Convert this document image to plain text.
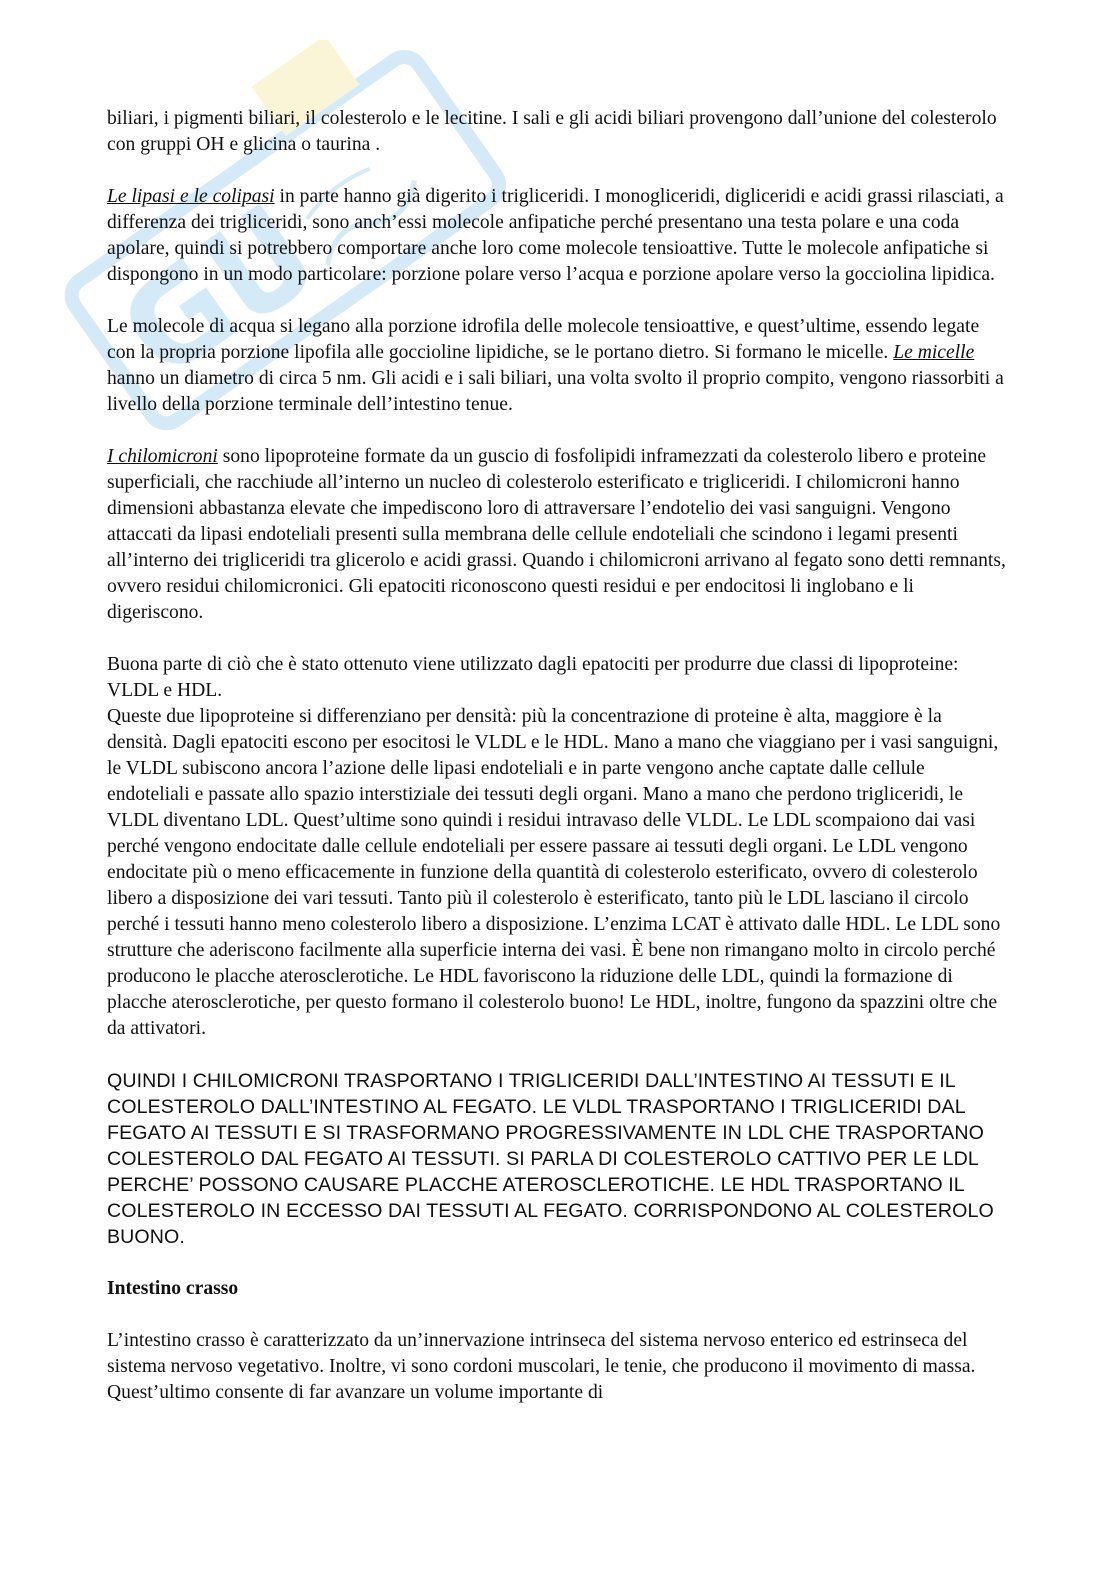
biliari, i pigmenti biliari, il colesterolo e le lecitine. I sali e gli acidi biliari provengono dall’unione del colesterolo con gruppi OH e glicina o taurina .

Le lipasi e le colipasi in parte hanno già digerito i trigliceridi. I monogliceridi, digliceridi e acidi grassi rilasciati, a differenza dei trigliceridi, sono anch’essi molecole anfipatiche perché presentano una testa polare e una coda apolare, quindi si potrebbero comportare anche loro come molecole tensioattive. Tutte le molecole anfipatiche si dispongono in un modo particolare: porzione polare verso l’acqua e porzione apolare verso la gocciolina lipidica.

Le molecole di acqua si legano alla porzione idrofila delle molecole tensioattive, e quest’ultime, essendo legate con la propria porzione lipofila alle goccioline lipidiche, se le portano dietro. Si formano le micelle. Le micelle hanno un diametro di circa 5 nm. Gli acidi e i sali biliari, una volta svolto il proprio compito, vengono riassorbiti a livello della porzione terminale dell’intestino tenue.

I chilomicroni sono lipoproteine formate da un guscio di fosfolipidi inframezzati da colesterolo libero e proteine superficiali, che racchiude all’interno un nucleo di colesterolo esterificato e trigliceridi. I chilomicroni hanno dimensioni abbastanza elevate che impediscono loro di attraversare l’endotelio dei vasi sanguigni. Vengono attaccati da lipasi endoteliali presenti sulla membrana delle cellule endoteliali che scindono i legami presenti all’interno dei trigliceridi tra glicerolo e acidi grassi. Quando i chilomicroni arrivano al fegato sono detti remnants, ovvero residui chilomicronici. Gli epatociti riconoscono questi residui e per endocitosi li inglobano e li digeriscono.

Buona parte di ciò che è stato ottenuto viene utilizzato dagli epatociti per produrre due classi di lipoproteine: VLDL e HDL.

Queste due lipoproteine si differenziano per densità: più la concentrazione di proteine è alta, maggiore è la densità. Dagli epatociti escono per esocitosi le VLDL e le HDL. Mano a mano che viaggiano per i vasi sanguigni, le VLDL subiscono ancora l’azione delle lipasi endoteliali e in parte vengono anche captate dalle cellule endoteliali e passate allo spazio interstiziale dei tessuti degli organi. Mano a mano che perdono trigliceridi, le VLDL diventano LDL. Quest’ultime sono quindi i residui intravaso delle VLDL. Le LDL scompaiono dai vasi perché vengono endocitate dalle cellule endoteliali per essere passare ai tessuti degli organi. Le LDL vengono endocitate più o meno efficacemente in funzione della quantità di colesterolo esterificato, ovvero di colesterolo libero a disposizione dei vari tessuti. Tanto più il colesterolo è esterificato, tanto più le LDL lasciano il circolo perché i tessuti hanno meno colesterolo libero a disposizione. L’enzima LCAT è attivato dalle HDL. Le LDL sono strutture che aderiscono facilmente alla superficie interna dei vasi. È bene non rimangano molto in circolo perché producono le placche aterosclerotiche. Le HDL favoriscono la riduzione delle LDL, quindi la formazione di placche aterosclerotiche, per questo formano il colesterolo buono! Le HDL, inoltre, fungono da spazzini oltre che da attivatori.

QUINDI I CHILOMICRONI TRASPORTANO I TRIGLICERIDI DALL’INTESTINO AI TESSUTI E IL COLESTEROLO DALL’INTESTINO AL FEGATO. LE VLDL TRASPORTANO I TRIGLICERIDI DAL FEGATO AI TESSUTI E SI TRASFORMANO PROGRESSIVAMENTE IN LDL CHE TRASPORTANO COLESTEROLO DAL FEGATO AI TESSUTI. SI PARLA DI COLESTEROLO CATTIVO PER LE LDL PERCHE’ POSSONO CAUSARE PLACCHE ATEROSCLEROTICHE. LE HDL TRASPORTANO IL COLESTEROLO IN ECCESSO DAI TESSUTI AL FEGATO. CORRISPONDONO AL COLESTEROLO BUONO.

Intestino crasso

L’intestino crasso è caratterizzato da un’innervazione intrinseca del sistema nervoso enterico ed estrinseca del sistema nervoso vegetativo. Inoltre, vi sono cordoni muscolari, le tenie, che producono il movimento di massa. Quest’ultimo consente di far avanzare un volume importante di
